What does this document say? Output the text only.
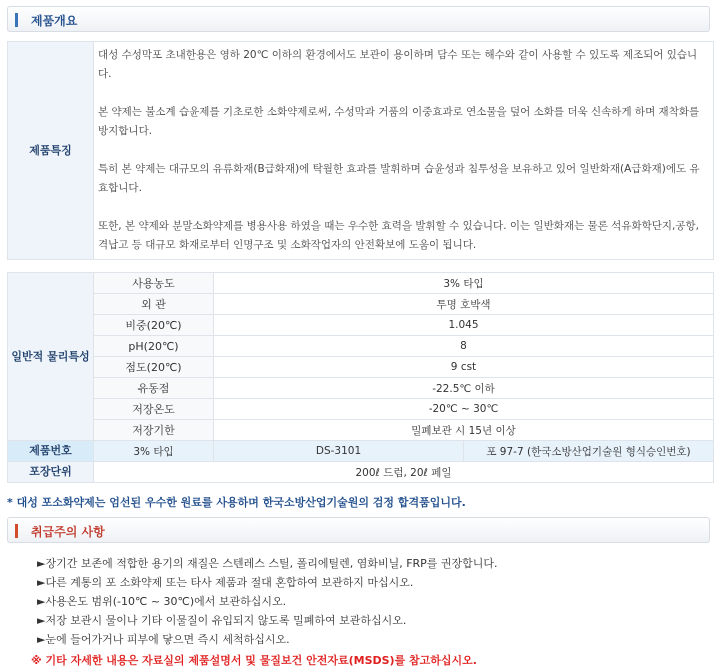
제품개요
제품특징	

대성 수성막포 초내한용은 영하 20℃ 이하의 환경에서도 보관이 용이하며 담수 또는 해수와 같이 사용할 수 있도록 제조되어 있습니다.

본 약제는 불소계 습윤제를 기초로한 소화약제로써, 수성막과 거품의 이중효과로 연소물을 덮어 소화를 더욱 신속하게 하며 재착화를 방지합니다.

특히 본 약제는 대규모의 유류화재(B급화재)에 탁월한 효과를 발휘하며 습윤성과 침투성을 보유하고 있어 일반화재(A급화재)에도 유효합니다.

또한, 본 약제와 분말소화약제를 병용사용 하였을 때는 우수한 효력을 발휘할 수 있습니다. 이는 일반화재는 물론 석유화학단지,공항,격납고 등 대규모 화재로부터 인명구조 및 소화작업자의 안전확보에 도움이 됩니다.

일반적 물리특성	사용농도	3% 타입	
	외 관	투명 호박색	
	비중(20℃)	1.045	
	pH(20℃)	8	
	점도(20℃)	9 cst	
	유동점	-22.5℃ 이하	
	저장온도	-20℃ ~ 30℃	
	저장기한	밀폐보관 시 15년 이상	
제품번호	3% 타입	DS-3101	포 97-7 (한국소방산업기술원 형식승인번호)
포장단위	200ℓ 드럼, 20ℓ 페일		
* 대성 포소화약제는 엄선된 우수한 원료를 사용하며 한국소방산업기술원의 검정 합격품입니다.
취급주의 사항
►장기간 보존에 적합한 용기의 재질은 스텐레스 스틸, 폴리에틸렌, 염화비닐, FRP를 권장합니다.
►다른 계통의 포 소화약제 또는 타사 제품과 절대 혼합하여 보관하지 마십시오.
►사용온도 범위(-10℃ ~ 30℃)에서 보관하십시오.
►저장 보관시 물이나 기타 이물질이 유입되지 않도록 밀폐하여 보관하십시오.
►눈에 들어가거나 피부에 닿으면 즉시 세척하십시오.
※ 기타 자세한 내용은 자료실의 제품설명서 및 물질보건 안전자료(MSDS)를 참고하십시오.
